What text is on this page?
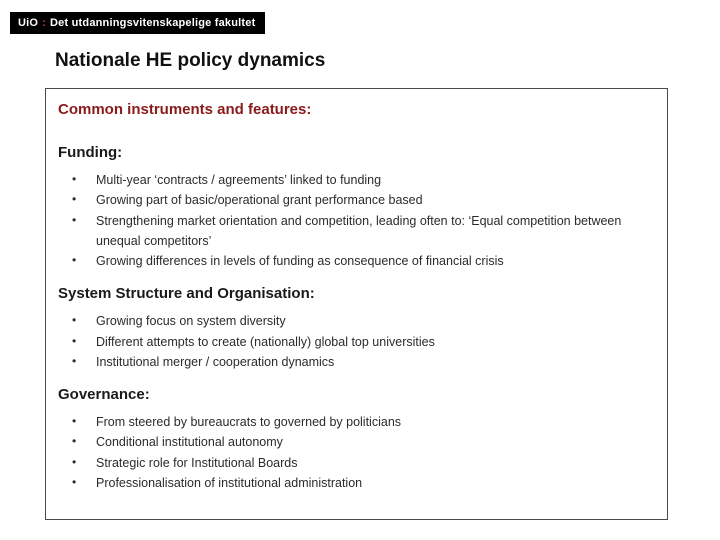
UiO : Det utdanningsvitenskapelige fakultet
Nationale HE policy dynamics
Common instruments and features:
Funding:
•	Multi-year ‘contracts / agreements’ linked to funding
•	Growing part of basic/operational grant performance based
•	Strengthening market orientation and competition, leading often to: ‘Equal competition between unequal competitors’
•	Growing differences in levels of funding as consequence of financial crisis
System Structure and Organisation:
•	Growing focus on system diversity
•	Different attempts to create (nationally) global top universities
•	Institutional merger / cooperation dynamics
Governance:
•	From steered by bureaucrats to governed by politicians
•	Conditional institutional autonomy
•	Strategic role for Institutional Boards
•	Professionalisation of institutional administration
